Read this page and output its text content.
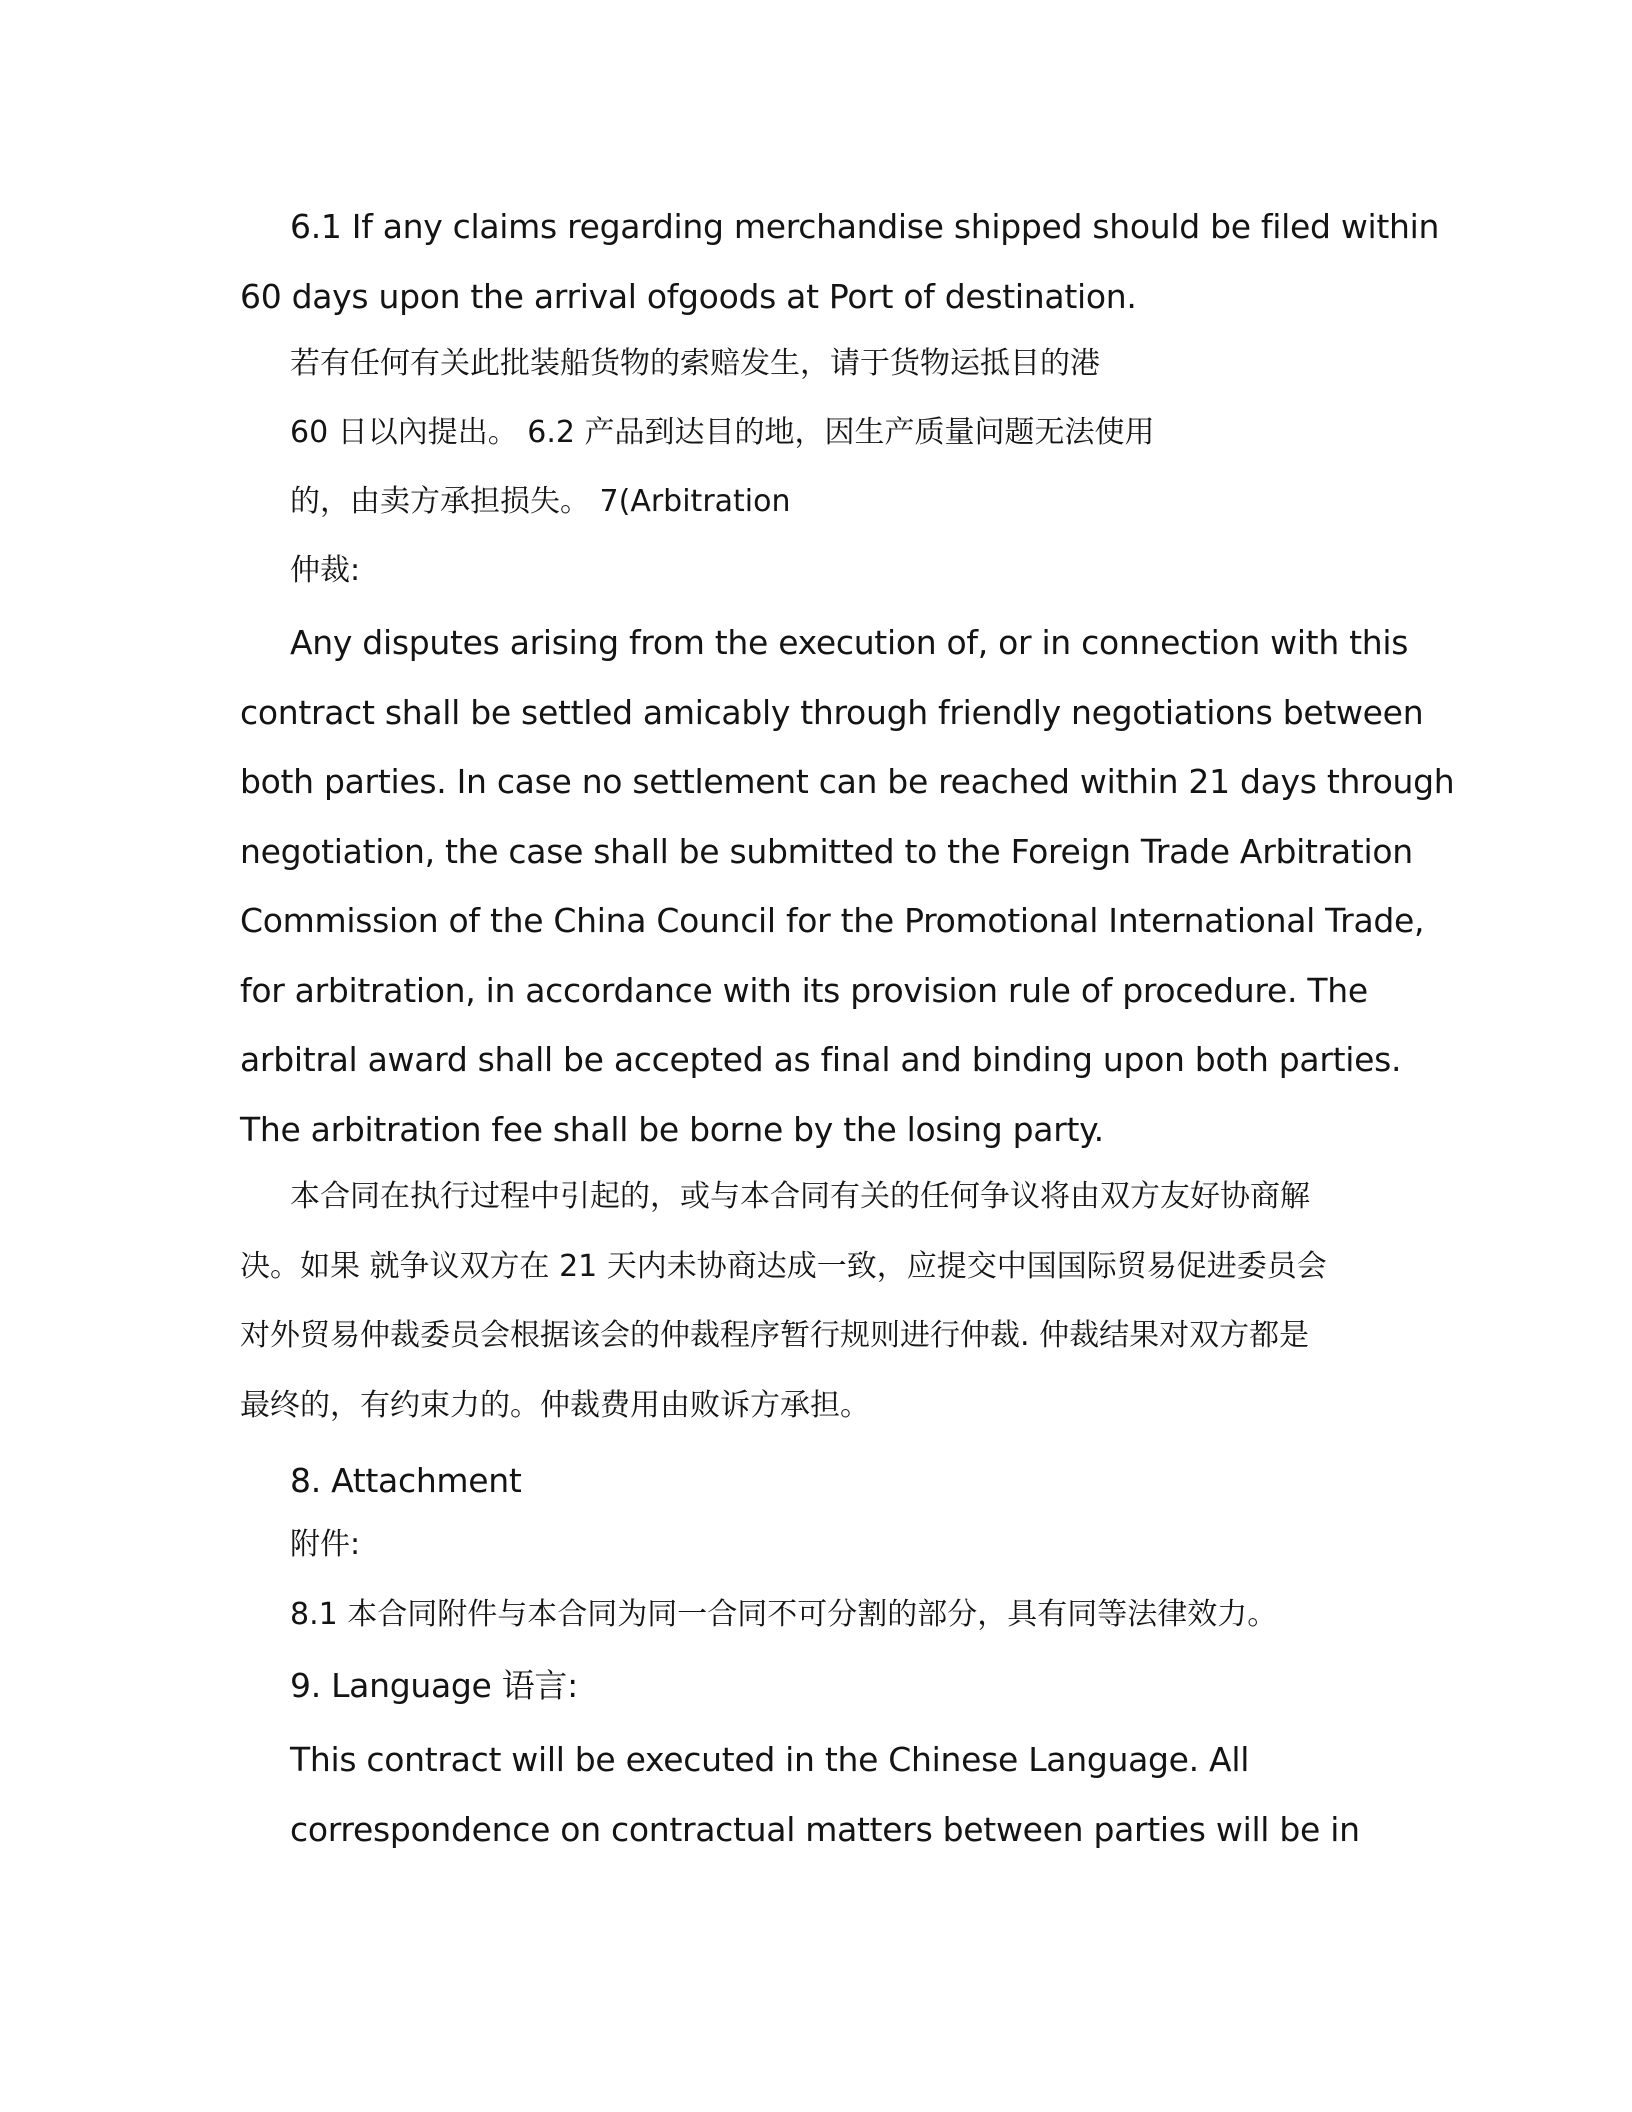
6.1 If any claims regarding merchandise shipped should be filed within

60 days upon the arrival ofgoods at Port of destination.

若有任何有关此批装船货物的索赔发生，请于货物运抵目的港

60 日以內提出。 6.2 产品到达目的地，因生产质量问题无法使用

的，由卖方承担损失。 7(Arbitration

仲裁:

Any disputes arising from the execution of, or in connection with this

contract shall be settled amicably through friendly negotiations between

both parties. In case no settlement can be reached within 21 days through

negotiation, the case shall be submitted to the Foreign Trade Arbitration

Commission of the China Council for the Promotional International Trade,

for arbitration, in accordance with its provision rule of procedure. The

arbitral award shall be accepted as final and binding upon both parties.

The arbitration fee shall be borne by the losing party.

本合同在执行过程中引起的，或与本合同有关的任何争议将由双方友好协商解

决。如果 就争议双方在 21 天内未协商达成一致，应提交中国国际贸易促进委员会

对外贸易仲裁委员会根据该会的仲裁程序暂行规则进行仲裁. 仲裁结果对双方都是

最终的，有约束力的。仲裁费用由败诉方承担。

8. Attachment

附件:

8.1 本合同附件与本合同为同一合同不可分割的部分，具有同等法律效力。

9. Language 语言:

This contract will be executed in the Chinese Language. All

correspondence on contractual matters between parties will be in
